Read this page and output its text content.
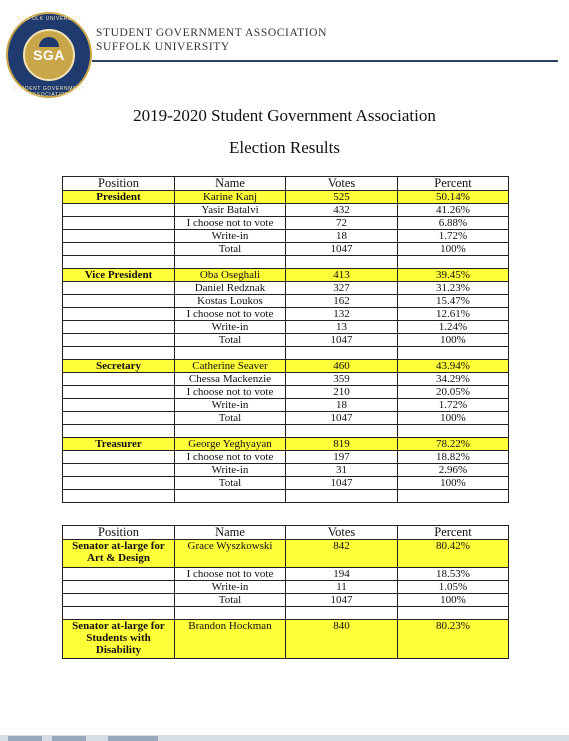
SUFFOLK UNIVERSITY
SGA
STUDENT GOVERNMENT ASSOCIATION
STUDENT GOVERNMENT ASSOCIATION
SUFFOLK UNIVERSITY
2019-2020 Student Government Association
Election Results
Position	Name	Votes	Percent
President	Karine Kanj	525	50.14%
	Yasir Batalvi	432	41.26%
	I choose not to vote	72	6.88%
	Write-in	18	1.72%
	Total	1047	100%

Vice President	Oba Oseghali	413	39.45%
	Daniel Redznak	327	31.23%
	Kostas Loukos	162	15.47%
	I choose not to vote	132	12.61%
	Write-in	13	1.24%
	Total	1047	100%

Secretary	Catherine Seaver	460	43.94%
	Chessa Mackenzie	359	34.29%
	I choose not to vote	210	20.05%
	Write-in	18	1.72%
	Total	1047	100%

Treasurer	George Yeghyayan	819	78.22%
	I choose not to vote	197	18.82%
	Write-in	31	2.96%
	Total	1047	100%

Position	Name	Votes	Percent
Senator at-large for Art & Design	Grace Wyszkowski	842	80.42%
	I choose not to vote	194	18.53%
	Write-in	11	1.05%
	Total	1047	100%

Senator at-large for Students with Disability	Brandon Hockman	840	80.23%
